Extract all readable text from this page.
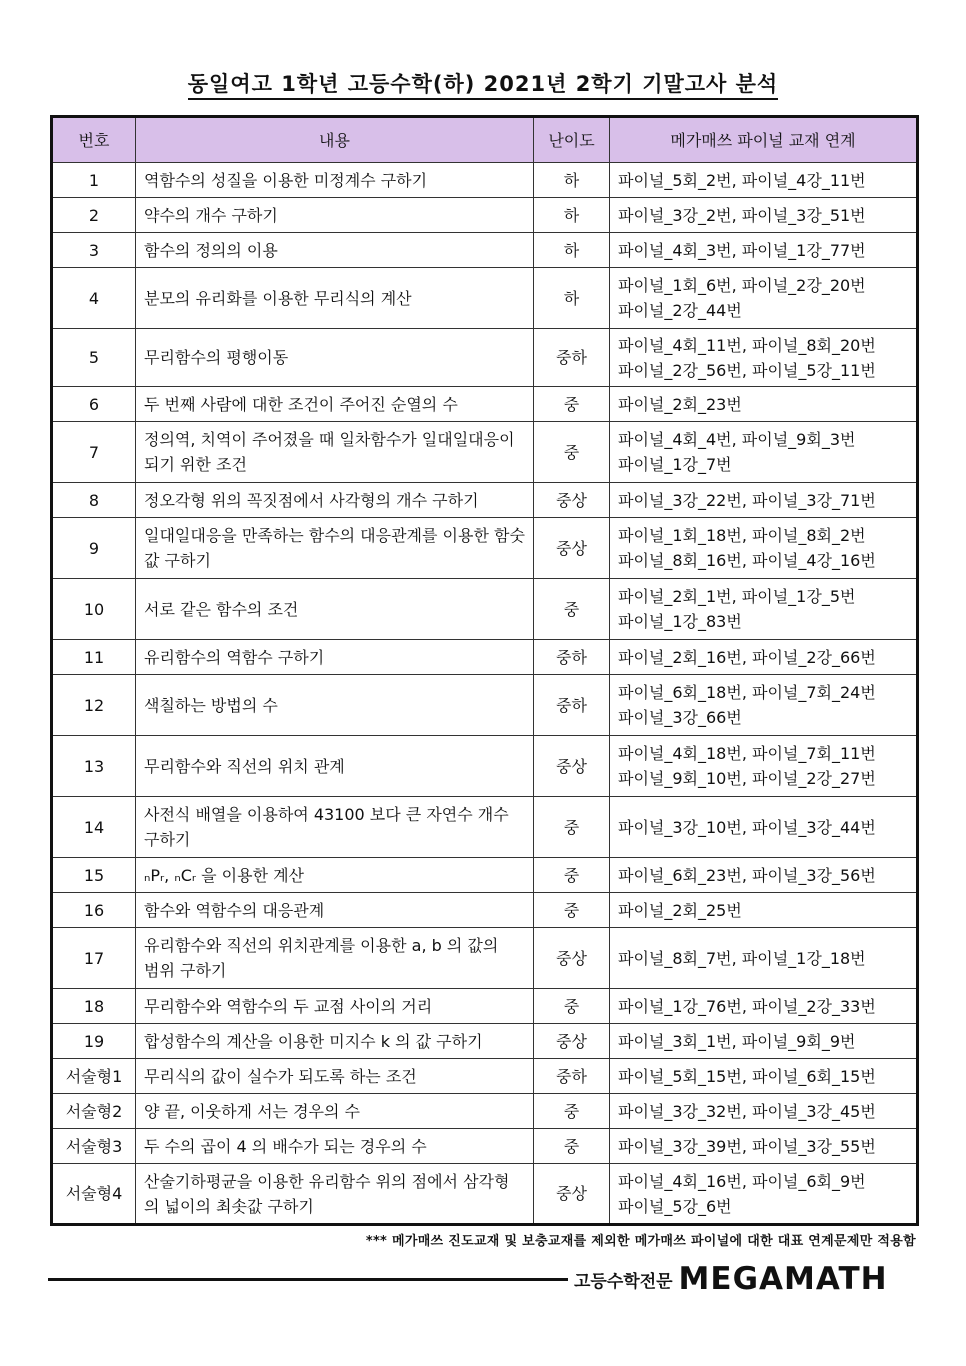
동일여고 1학년 고등수학(하) 2021년 2학기 기말고사 분석
번호	내용	난이도	메가매쓰 파이널 교재 연계
1	역함수의 성질을 이용한 미정계수 구하기	하	파이널_5회_2번, 파이널_4강_11번
2	약수의 개수 구하기	하	파이널_3강_2번, 파이널_3강_51번
3	함수의 정의의 이용	하	파이널_4회_3번, 파이널_1강_77번
4	분모의 유리화를 이용한 무리식의 계산	하	파이널_1회_6번, 파이널_2강_20번
파이널_2강_44번
5	무리함수의 평행이동	중하	파이널_4회_11번, 파이널_8회_20번
파이널_2강_56번, 파이널_5강_11번
6	두 번째 사람에 대한 조건이 주어진 순열의 수	중	파이널_2회_23번
7	정의역, 치역이 주어졌을 때 일차함수가 일대일대응이
되기 위한 조건	중	파이널_4회_4번, 파이널_9회_3번
파이널_1강_7번
8	정오각형 위의 꼭짓점에서 사각형의 개수 구하기	중상	파이널_3강_22번, 파이널_3강_71번
9	일대일대응을 만족하는 함수의 대응관계를 이용한 함숫
값 구하기	중상	파이널_1회_18번, 파이널_8회_2번
파이널_8회_16번, 파이널_4강_16번
10	서로 같은 함수의 조건	중	파이널_2회_1번, 파이널_1강_5번
파이널_1강_83번
11	유리함수의 역함수 구하기	중하	파이널_2회_16번, 파이널_2강_66번
12	색칠하는 방법의 수	중하	파이널_6회_18번, 파이널_7회_24번
파이널_3강_66번
13	무리함수와 직선의 위치 관계	중상	파이널_4회_18번, 파이널_7회_11번
파이널_9회_10번, 파이널_2강_27번
14	사전식 배열을 이용하여 43100 보다 큰 자연수 개수
구하기	중	파이널_3강_10번, 파이널_3강_44번
15	ₙPᵣ, ₙCᵣ 을 이용한 계산	중	파이널_6회_23번, 파이널_3강_56번
16	함수와 역함수의 대응관계	중	파이널_2회_25번
17	유리함수와 직선의 위치관계를 이용한 a, b 의 값의
범위 구하기	중상	파이널_8회_7번, 파이널_1강_18번
18	무리함수와 역함수의 두 교점 사이의 거리	중	파이널_1강_76번, 파이널_2강_33번
19	합성함수의 계산을 이용한 미지수 k 의 값 구하기	중상	파이널_3회_1번, 파이널_9회_9번
서술형1	무리식의 값이 실수가 되도록 하는 조건	중하	파이널_5회_15번, 파이널_6회_15번
서술형2	양 끝, 이웃하게 서는 경우의 수	중	파이널_3강_32번, 파이널_3강_45번
서술형3	두 수의 곱이 4 의 배수가 되는 경우의 수	중	파이널_3강_39번, 파이널_3강_55번
서술형4	산술기하평균을 이용한 유리함수 위의 점에서 삼각형
의 넓이의 최솟값 구하기	중상	파이널_4회_16번, 파이널_6회_9번
파이널_5강_6번
*** 메가매쓰 진도교재 및 보충교재를 제외한 메가매쓰 파이널에 대한 대표 연계문제만 적용함
고등수학전문 MEGAMATH
